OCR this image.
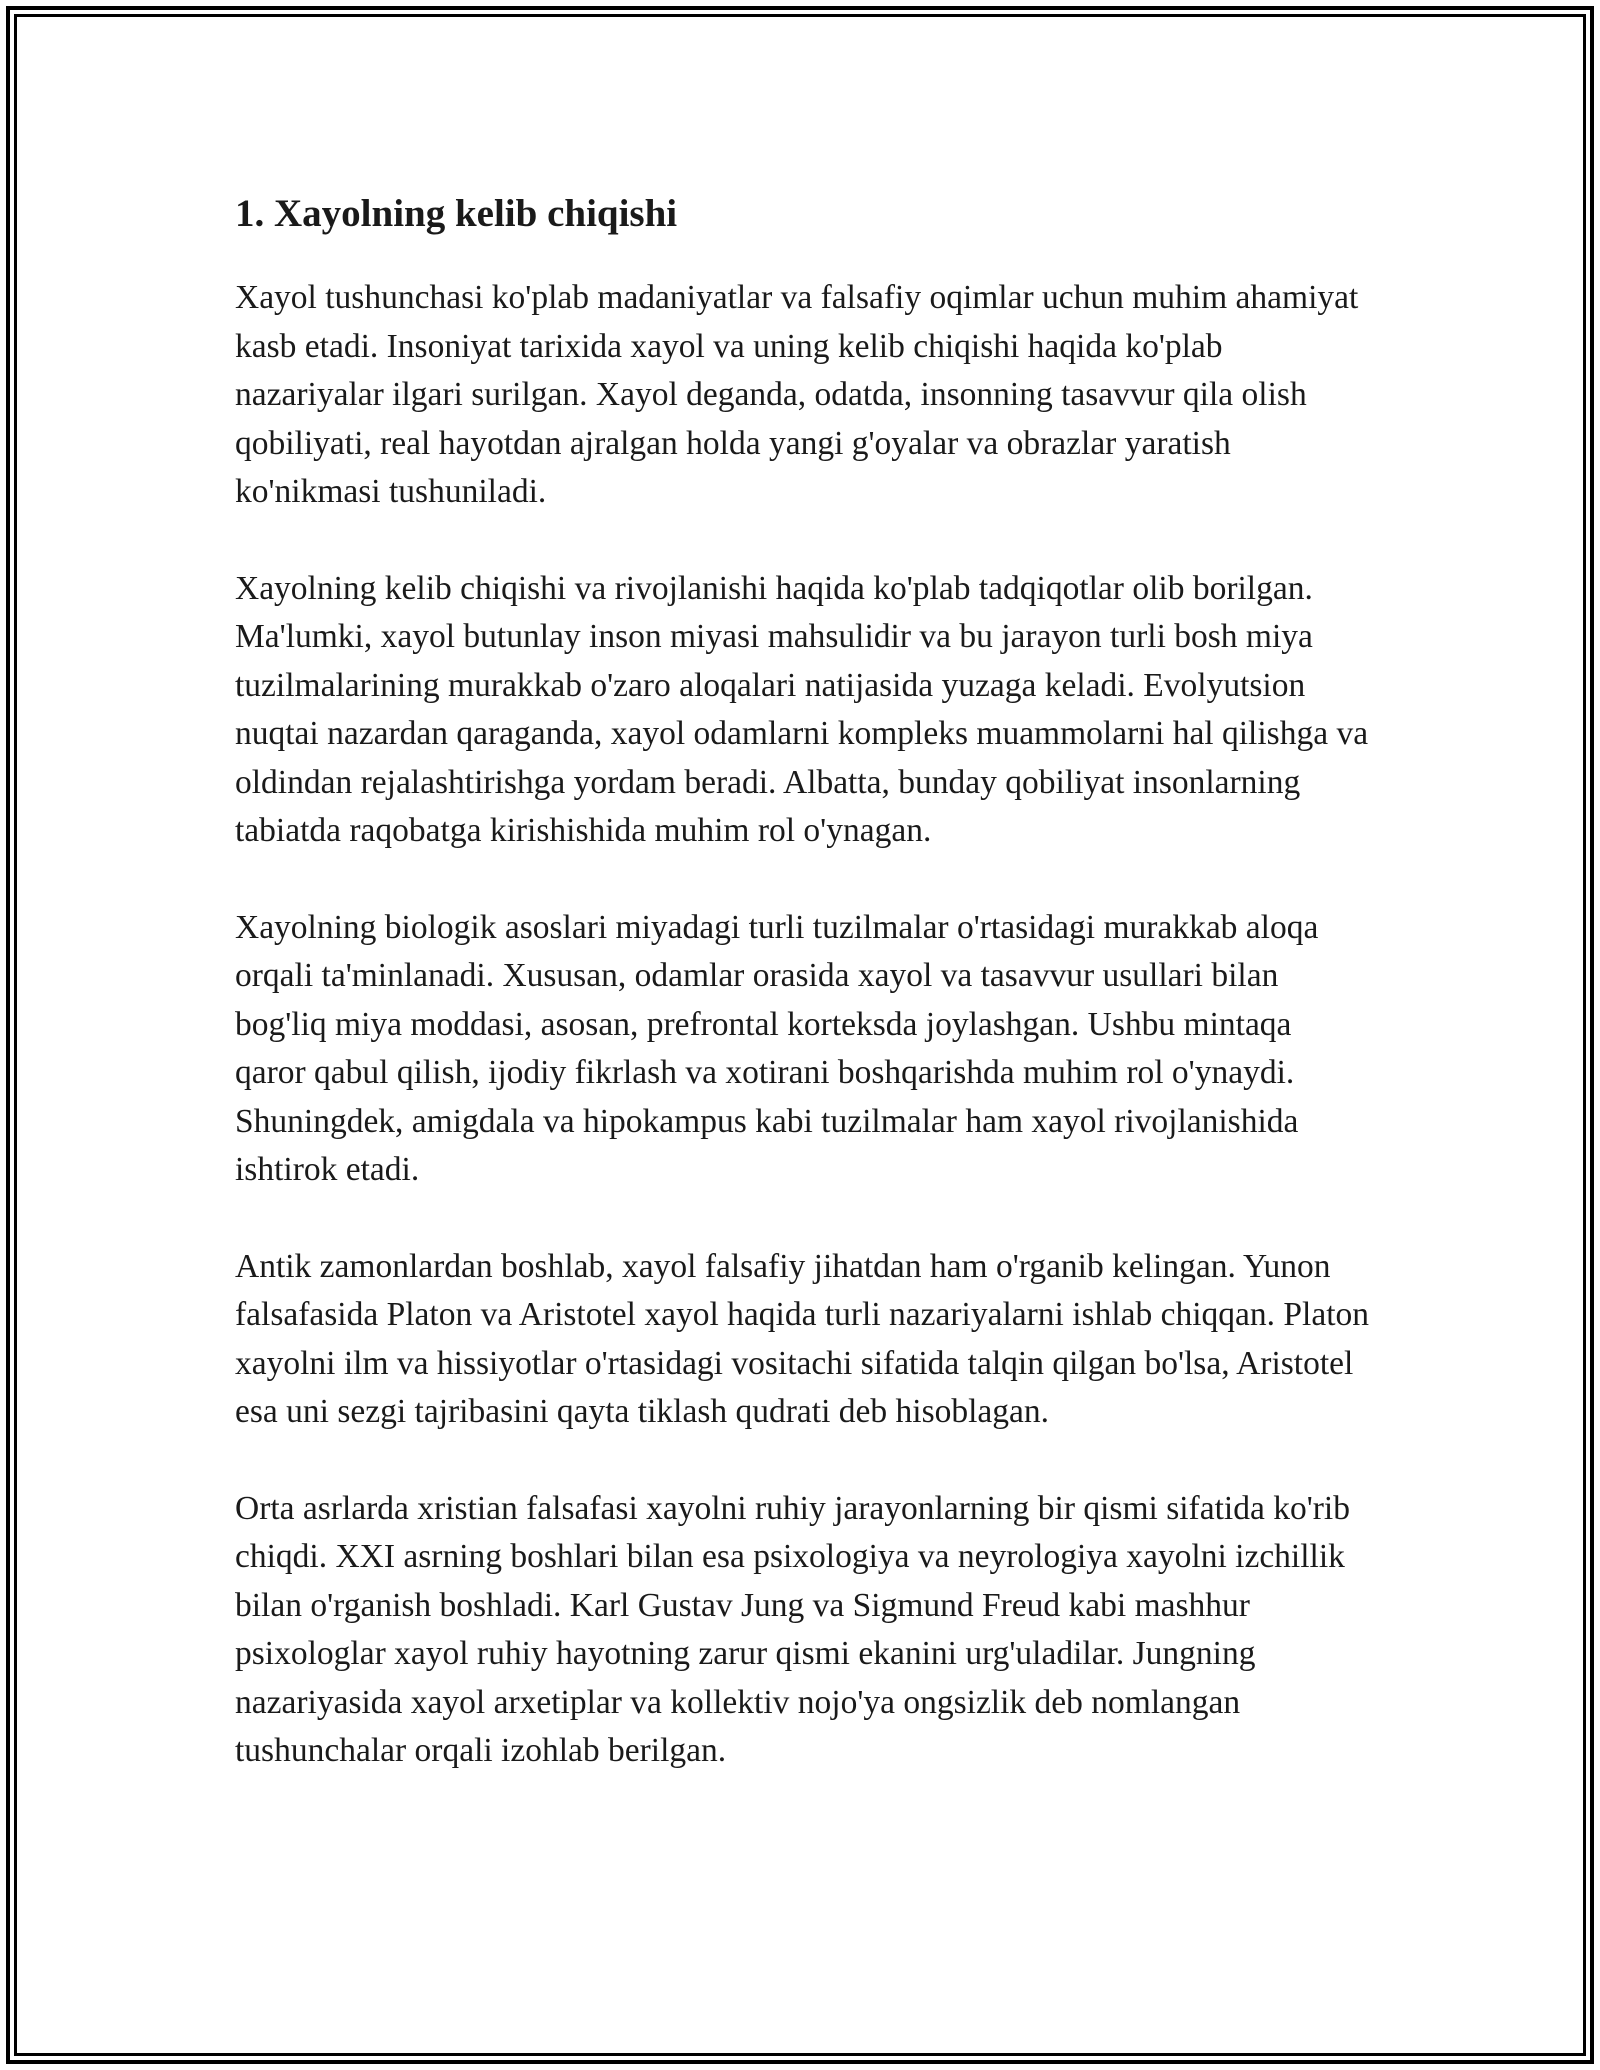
1. Xayolning kelib chiqishi

Xayol tushunchasi ko'plab madaniyatlar va falsafiy oqimlar uchun muhim ahamiyat kasb etadi. Insoniyat tarixida xayol va uning kelib chiqishi haqida ko'plab nazariyalar ilgari surilgan. Xayol deganda, odatda, insonning tasavvur qila olish qobiliyati, real hayotdan ajralgan holda yangi g'oyalar va obrazlar yaratish ko'nikmasi tushuniladi.

Xayolning kelib chiqishi va rivojlanishi haqida ko'plab tadqiqotlar olib borilgan. Ma'lumki, xayol butunlay inson miyasi mahsulidir va bu jarayon turli bosh miya tuzilmalarining murakkab o'zaro aloqalari natijasida yuzaga keladi. Evolyutsion nuqtai nazardan qaraganda, xayol odamlarni kompleks muammolarni hal qilishga va oldindan rejalashtirishga yordam beradi. Albatta, bunday qobiliyat insonlarning tabiatda raqobatga kirishishida muhim rol o'ynagan.

Xayolning biologik asoslari miyadagi turli tuzilmalar o'rtasidagi murakkab aloqa orqali ta'minlanadi. Xususan, odamlar orasida xayol va tasavvur usullari bilan bog'liq miya moddasi, asosan, prefrontal korteksda joylashgan. Ushbu mintaqa qaror qabul qilish, ijodiy fikrlash va xotirani boshqarishda muhim rol o'ynaydi. Shuningdek, amigdala va hipokampus kabi tuzilmalar ham xayol rivojlanishida ishtirok etadi.

Antik zamonlardan boshlab, xayol falsafiy jihatdan ham o'rganib kelingan. Yunon falsafasida Platon va Aristotel xayol haqida turli nazariyalarni ishlab chiqqan. Platon xayolni ilm va hissiyotlar o'rtasidagi vositachi sifatida talqin qilgan bo'lsa, Aristotel esa uni sezgi tajribasini qayta tiklash qudrati deb hisoblagan.

Orta asrlarda xristian falsafasi xayolni ruhiy jarayonlarning bir qismi sifatida ko'rib chiqdi. XXI asrning boshlari bilan esa psixologiya va neyrologiya xayolni izchillik bilan o'rganish boshladi. Karl Gustav Jung va Sigmund Freud kabi mashhur psixologlar xayol ruhiy hayotning zarur qismi ekanini urg'uladilar. Jungning nazariyasida xayol arxetiplar va kollektiv nojo'ya ongsizlik deb nomlangan tushunchalar orqali izohlab berilgan.
